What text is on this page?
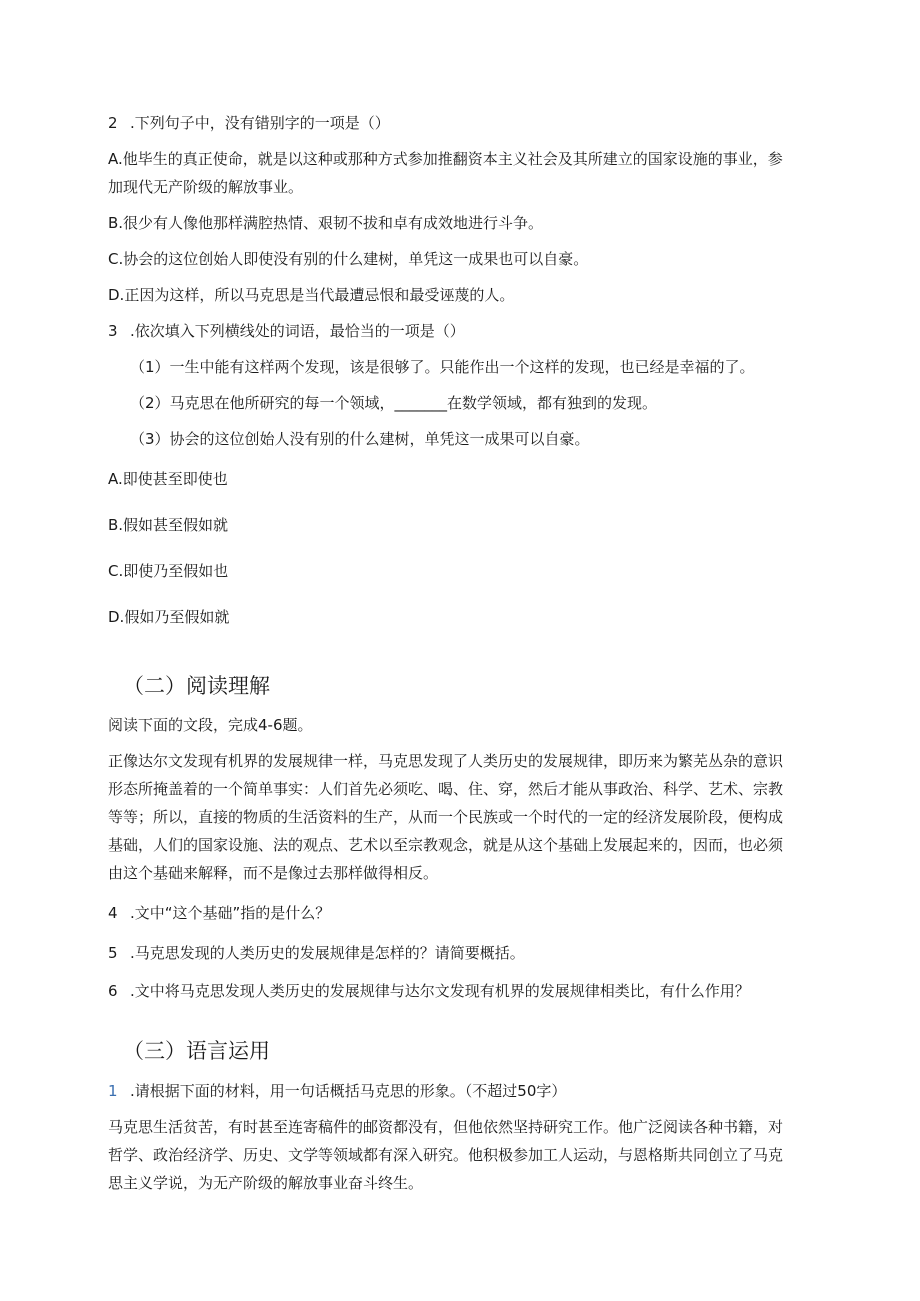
2 .下列句子中，没有错别字的一项是（）
A.他毕生的真正使命，就是以这种或那种方式参加推翻资本主义社会及其所建立的国家设施的事业，参
加现代无产阶级的解放事业。
B.很少有人像他那样满腔热情、艰韧不拔和卓有成效地进行斗争。
C.协会的这位创始人即使没有别的什么建树，单凭这一成果也可以自豪。
D.正因为这样，所以马克思是当代最遭忌恨和最受诬蔑的人。
3 .依次填入下列横线处的词语，最恰当的一项是（）
（1）一生中能有这样两个发现，该是很够了。只能作出一个这样的发现，也已经是幸福的了。
（2）马克思在他所研究的每一个领域，_______在数学领域，都有独到的发现。
（3）协会的这位创始人没有别的什么建树，单凭这一成果可以自豪。
A.即使甚至即使也
B.假如甚至假如就
C.即使乃至假如也
D.假如乃至假如就
（二）阅读理解
阅读下面的文段，完成4-6题。
正像达尔文发现有机界的发展规律一样，马克思发现了人类历史的发展规律，即历来为繁芜丛杂的意识
形态所掩盖着的一个简单事实：人们首先必须吃、喝、住、穿，然后才能从事政治、科学、艺术、宗教
等等；所以，直接的物质的生活资料的生产，从而一个民族或一个时代的一定的经济发展阶段，便构成
基础，人们的国家设施、法的观点、艺术以至宗教观念，就是从这个基础上发展起来的，因而，也必须
由这个基础来解释，而不是像过去那样做得相反。
4 .文中“这个基础”指的是什么？
5 .马克思发现的人类历史的发展规律是怎样的？请简要概括。
6 .文中将马克思发现人类历史的发展规律与达尔文发现有机界的发展规律相类比，有什么作用？
（三）语言运用
1 .请根据下面的材料，用一句话概括马克思的形象。（不超过50字）
马克思生活贫苦，有时甚至连寄稿件的邮资都没有，但他依然坚持研究工作。他广泛阅读各种书籍，对
哲学、政治经济学、历史、文学等领域都有深入研究。他积极参加工人运动，与恩格斯共同创立了马克
思主义学说，为无产阶级的解放事业奋斗终生。
